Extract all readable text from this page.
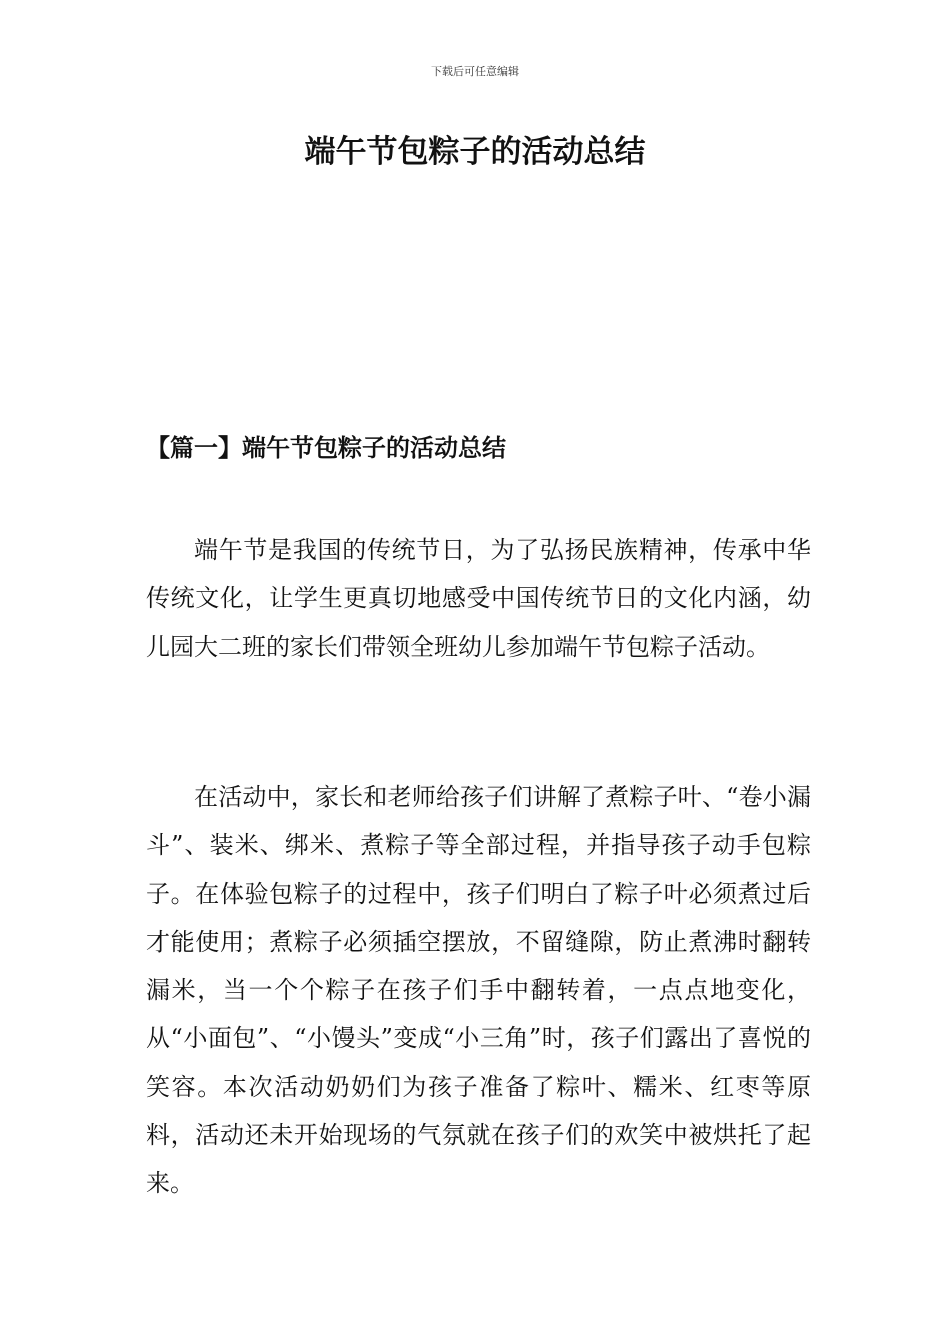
下载后可任意编辑
端午节包粽子的活动总结
【篇一】端午节包粽子的活动总结

端午节是我国的传统节日，为了弘扬民族精神，传承中华传统文化，让学生更真切地感受中国传统节日的文化内涵，幼儿园大二班的家长们带领全班幼儿参加端午节包粽子活动。

在活动中，家长和老师给孩子们讲解了煮粽子叶、“卷小漏斗”、装米、绑米、煮粽子等全部过程，并指导孩子动手包粽子。在体验包粽子的过程中，孩子们明白了粽子叶必须煮过后才能使用；煮粽子必须插空摆放，不留缝隙，防止煮沸时翻转漏米，当一个个粽子在孩子们手中翻转着，一点点地变化，从“小面包”、“小馒头”变成“小三角”时，孩子们露出了喜悦的笑容。本次活动奶奶们为孩子准备了粽叶、糯米、红枣等原料，活动还未开始现场的气氛就在孩子们的欢笑中被烘托了起来。
